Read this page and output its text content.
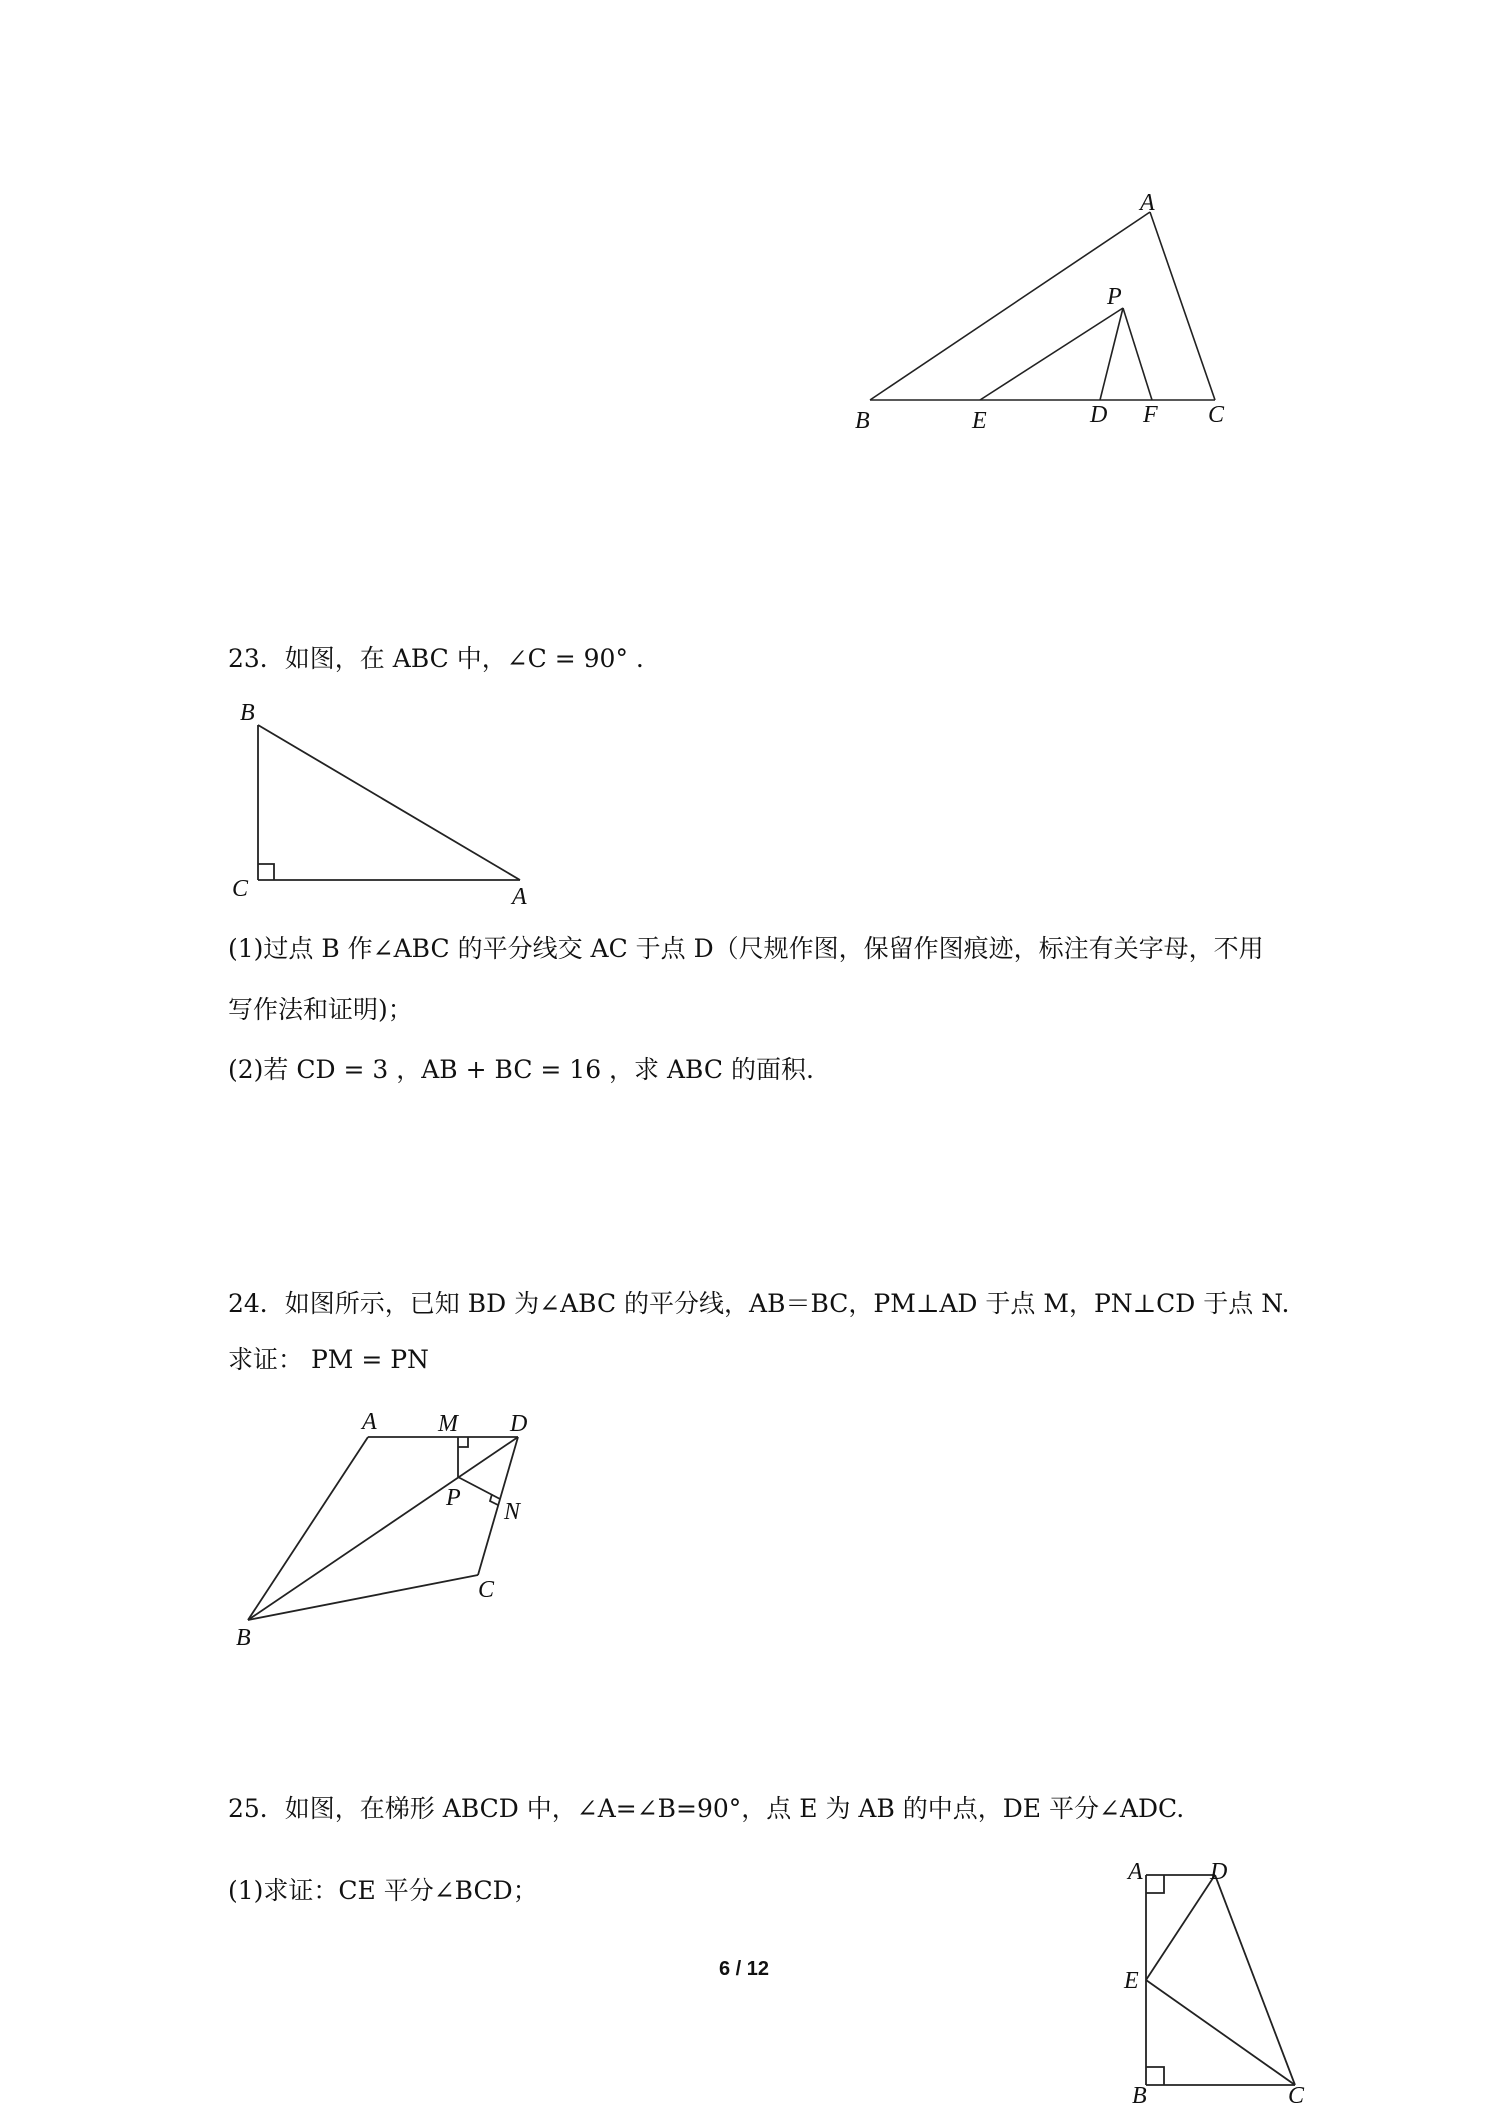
A
P
B	E	D F C
23．如图，在 ABC 中，∠C = 90° .
B
C	A
(1)过点 B 作∠ABC 的平分线交 AC 于点 D（尺规作图，保留作图痕迹，标注有关字母，不用
写作法和证明)；
(2)若 CD = 3 ，AB + BC = 16 ，求 ABC 的面积.
24．如图所示，已知 BD 为∠ABC 的平分线，AB＝BC，PM⊥AD 于点 M，PN⊥CD 于点 N.
求证： PM = PN
A	M D
P
N
C
B
25．如图，在梯形 ABCD 中，∠A=∠B=90°，点 E 为 AB 的中点，DE 平分∠ADC.
(1)求证：CE 平分∠BCD；
A	D
E
B	C
6 / 12
